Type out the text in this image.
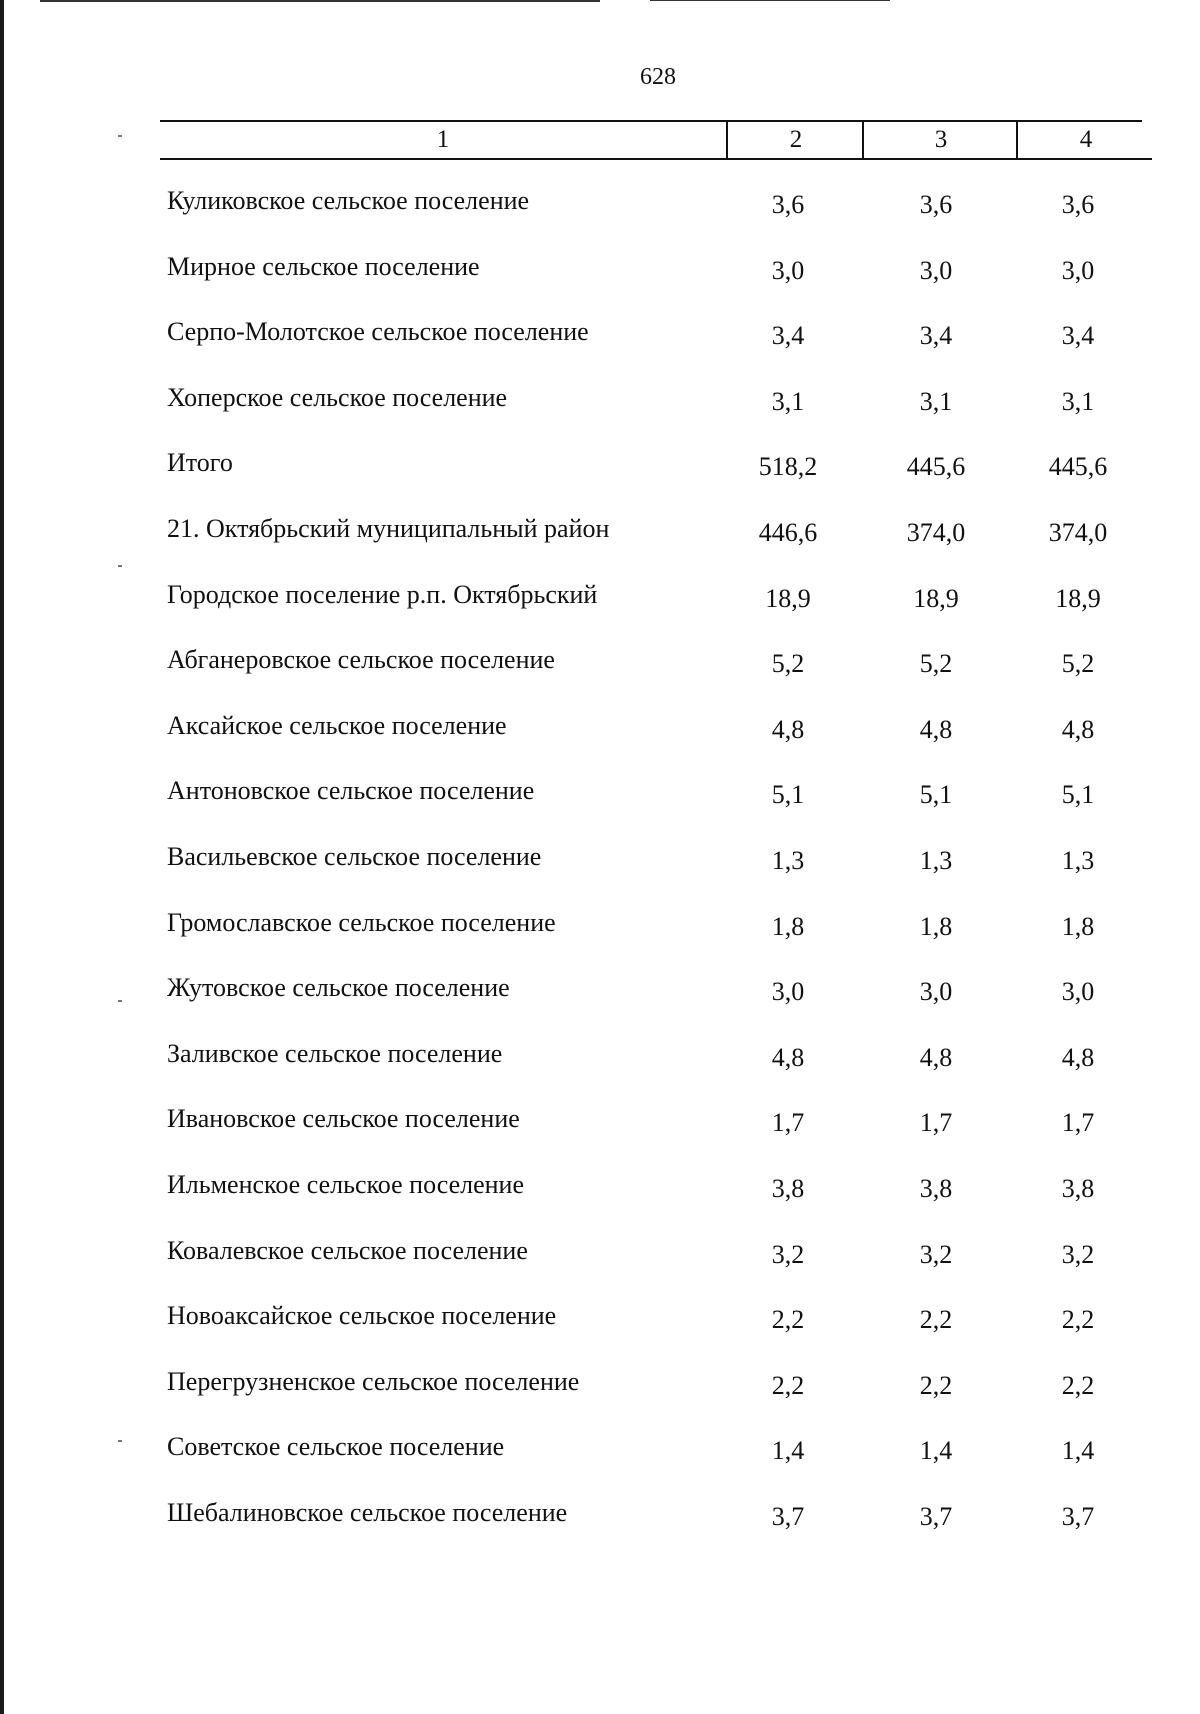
628
1	2	3	4
Куликовское сельское поселение	3,6	3,6	3,6
Мирное сельское поселение	3,0	3,0	3,0
Серпо-Молотское сельское поселение	3,4	3,4	3,4
Хоперское сельское поселение	3,1	3,1	3,1
Итого	518,2	445,6	445,6
21. Октябрьский муниципальный район	446,6	374,0	374,0
Городское поселение р.п. Октябрьский	18,9	18,9	18,9
Абганеровское сельское поселение	5,2	5,2	5,2
Аксайское сельское поселение	4,8	4,8	4,8
Антоновское сельское поселение	5,1	5,1	5,1
Васильевское сельское поселение	1,3	1,3	1,3
Громославское сельское поселение	1,8	1,8	1,8
Жутовское сельское поселение	3,0	3,0	3,0
Заливское сельское поселение	4,8	4,8	4,8
Ивановское сельское поселение	1,7	1,7	1,7
Ильменское сельское поселение	3,8	3,8	3,8
Ковалевское сельское поселение	3,2	3,2	3,2
Новоаксайское сельское поселение	2,2	2,2	2,2
Перегрузненское сельское поселение	2,2	2,2	2,2
Советское сельское поселение	1,4	1,4	1,4
Шебалиновское сельское поселение	3,7	3,7	3,7
